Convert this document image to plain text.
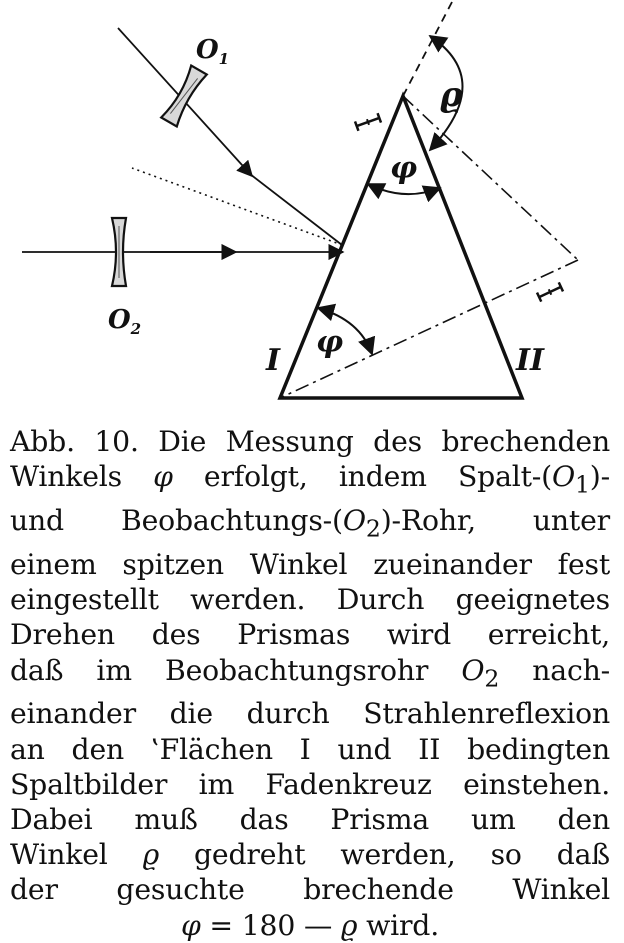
$O_1$
$O_2$
ϱ
φ
φ
I	II
Abb. 10. Die Messung des brechenden
Winkels φ erfolgt, indem Spalt-$(O_1)-$
und Beobachtungs-$(O_2)$-Rohr, unter
einem spitzen Winkel zueinander fest
eingestellt werden. Durch geeignetes
Drehen des Prismas wird erreicht,
daß im Beobachtungsrohr $O_2$ nach-
einander die durch Strahlenreflexion
an den ‛Flächen I und II bedingten
Spaltbilder im Fadenkreuz einstehen.
Dabei muß das Prisma um den
Winkel ϱ gedreht werden, so daß
der gesuchte brechende Winkel
φ = 180 — ϱ wird.
